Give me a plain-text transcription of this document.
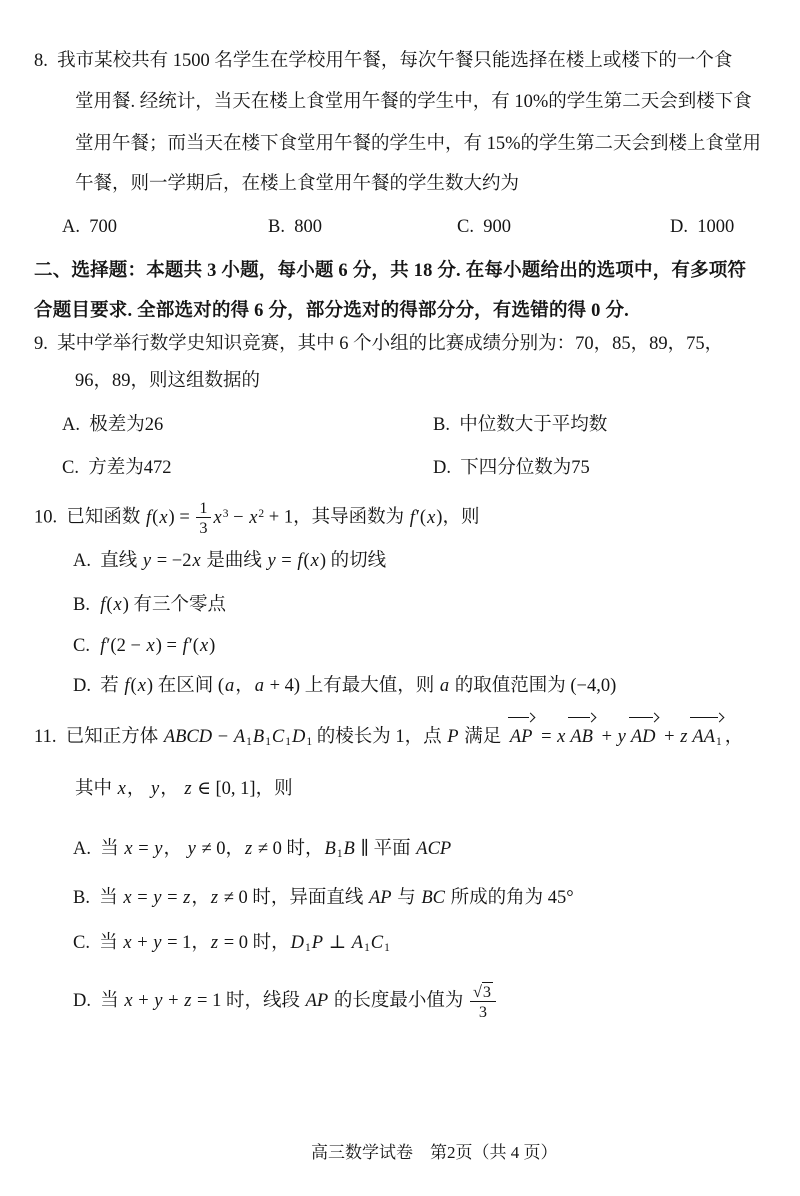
8. 我市某校共有 1500 名学生在学校用午餐，每次午餐只能选择在楼上或楼下的一个食
堂用餐. 经统计，当天在楼上食堂用午餐的学生中，有 10%的学生第二天会到楼下食
堂用午餐；而当天在楼下食堂用午餐的学生中，有 15%的学生第二天会到楼上食堂用
午餐，则一学期后，在楼上食堂用午餐的学生数大约为
A. 700	B. 800	C. 900	D. 1000
二、选择题：本题共 3 小题，每小题 6 分，共 18 分. 在每小题给出的选项中，有多项符
合题目要求. 全部选对的得 6 分，部分选对的得部分分，有选错的得 0 分.
9. 某中学举行数学史知识竞赛，其中 6 个小组的比赛成绩分别为：70，85，89，75，
96，89，则这组数据的
A. 极差为26	B. 中位数大于平均数
C. 方差为472	D. 下四分位数为75
10. 已知函数 $f(x) = \frac{1}{3} x^3 - x^2 + 1$，其导函数为 f′(x)，则
A. 直线 y = −2x 是曲线 y = f(x) 的切线
B. f(x) 有三个零点
C. f′(2 − x) = f′(x)
D. 若 f(x) 在区间 (a，a + 4) 上有最大值，则 a 的取值范围为 (−4,0)
11. 已知正方体 ABCD − $A_1B_1C_1D_1$ 的棱长为 1，点 P 满足 AP = x AB + y AD + z $AA_1$ ，
其中 x， y， z ∈ [0, 1]，则
A. 当 x = y， y ≠ 0，z ≠ 0 时，$B_1B$ ∥ 平面 ACP
B. 当 x = y = z，z ≠ 0 时，异面直线 AP 与 BC 所成的角为 45°
C. 当 x + y = 1，z = 0 时，$D_1P$ ⊥ $A_1C_1$
D. 当 x + y + z = 1 时，线段 AP 的长度最小值为 $\frac{√3}{3}$
高三数学试卷　第2页（共 4 页）
